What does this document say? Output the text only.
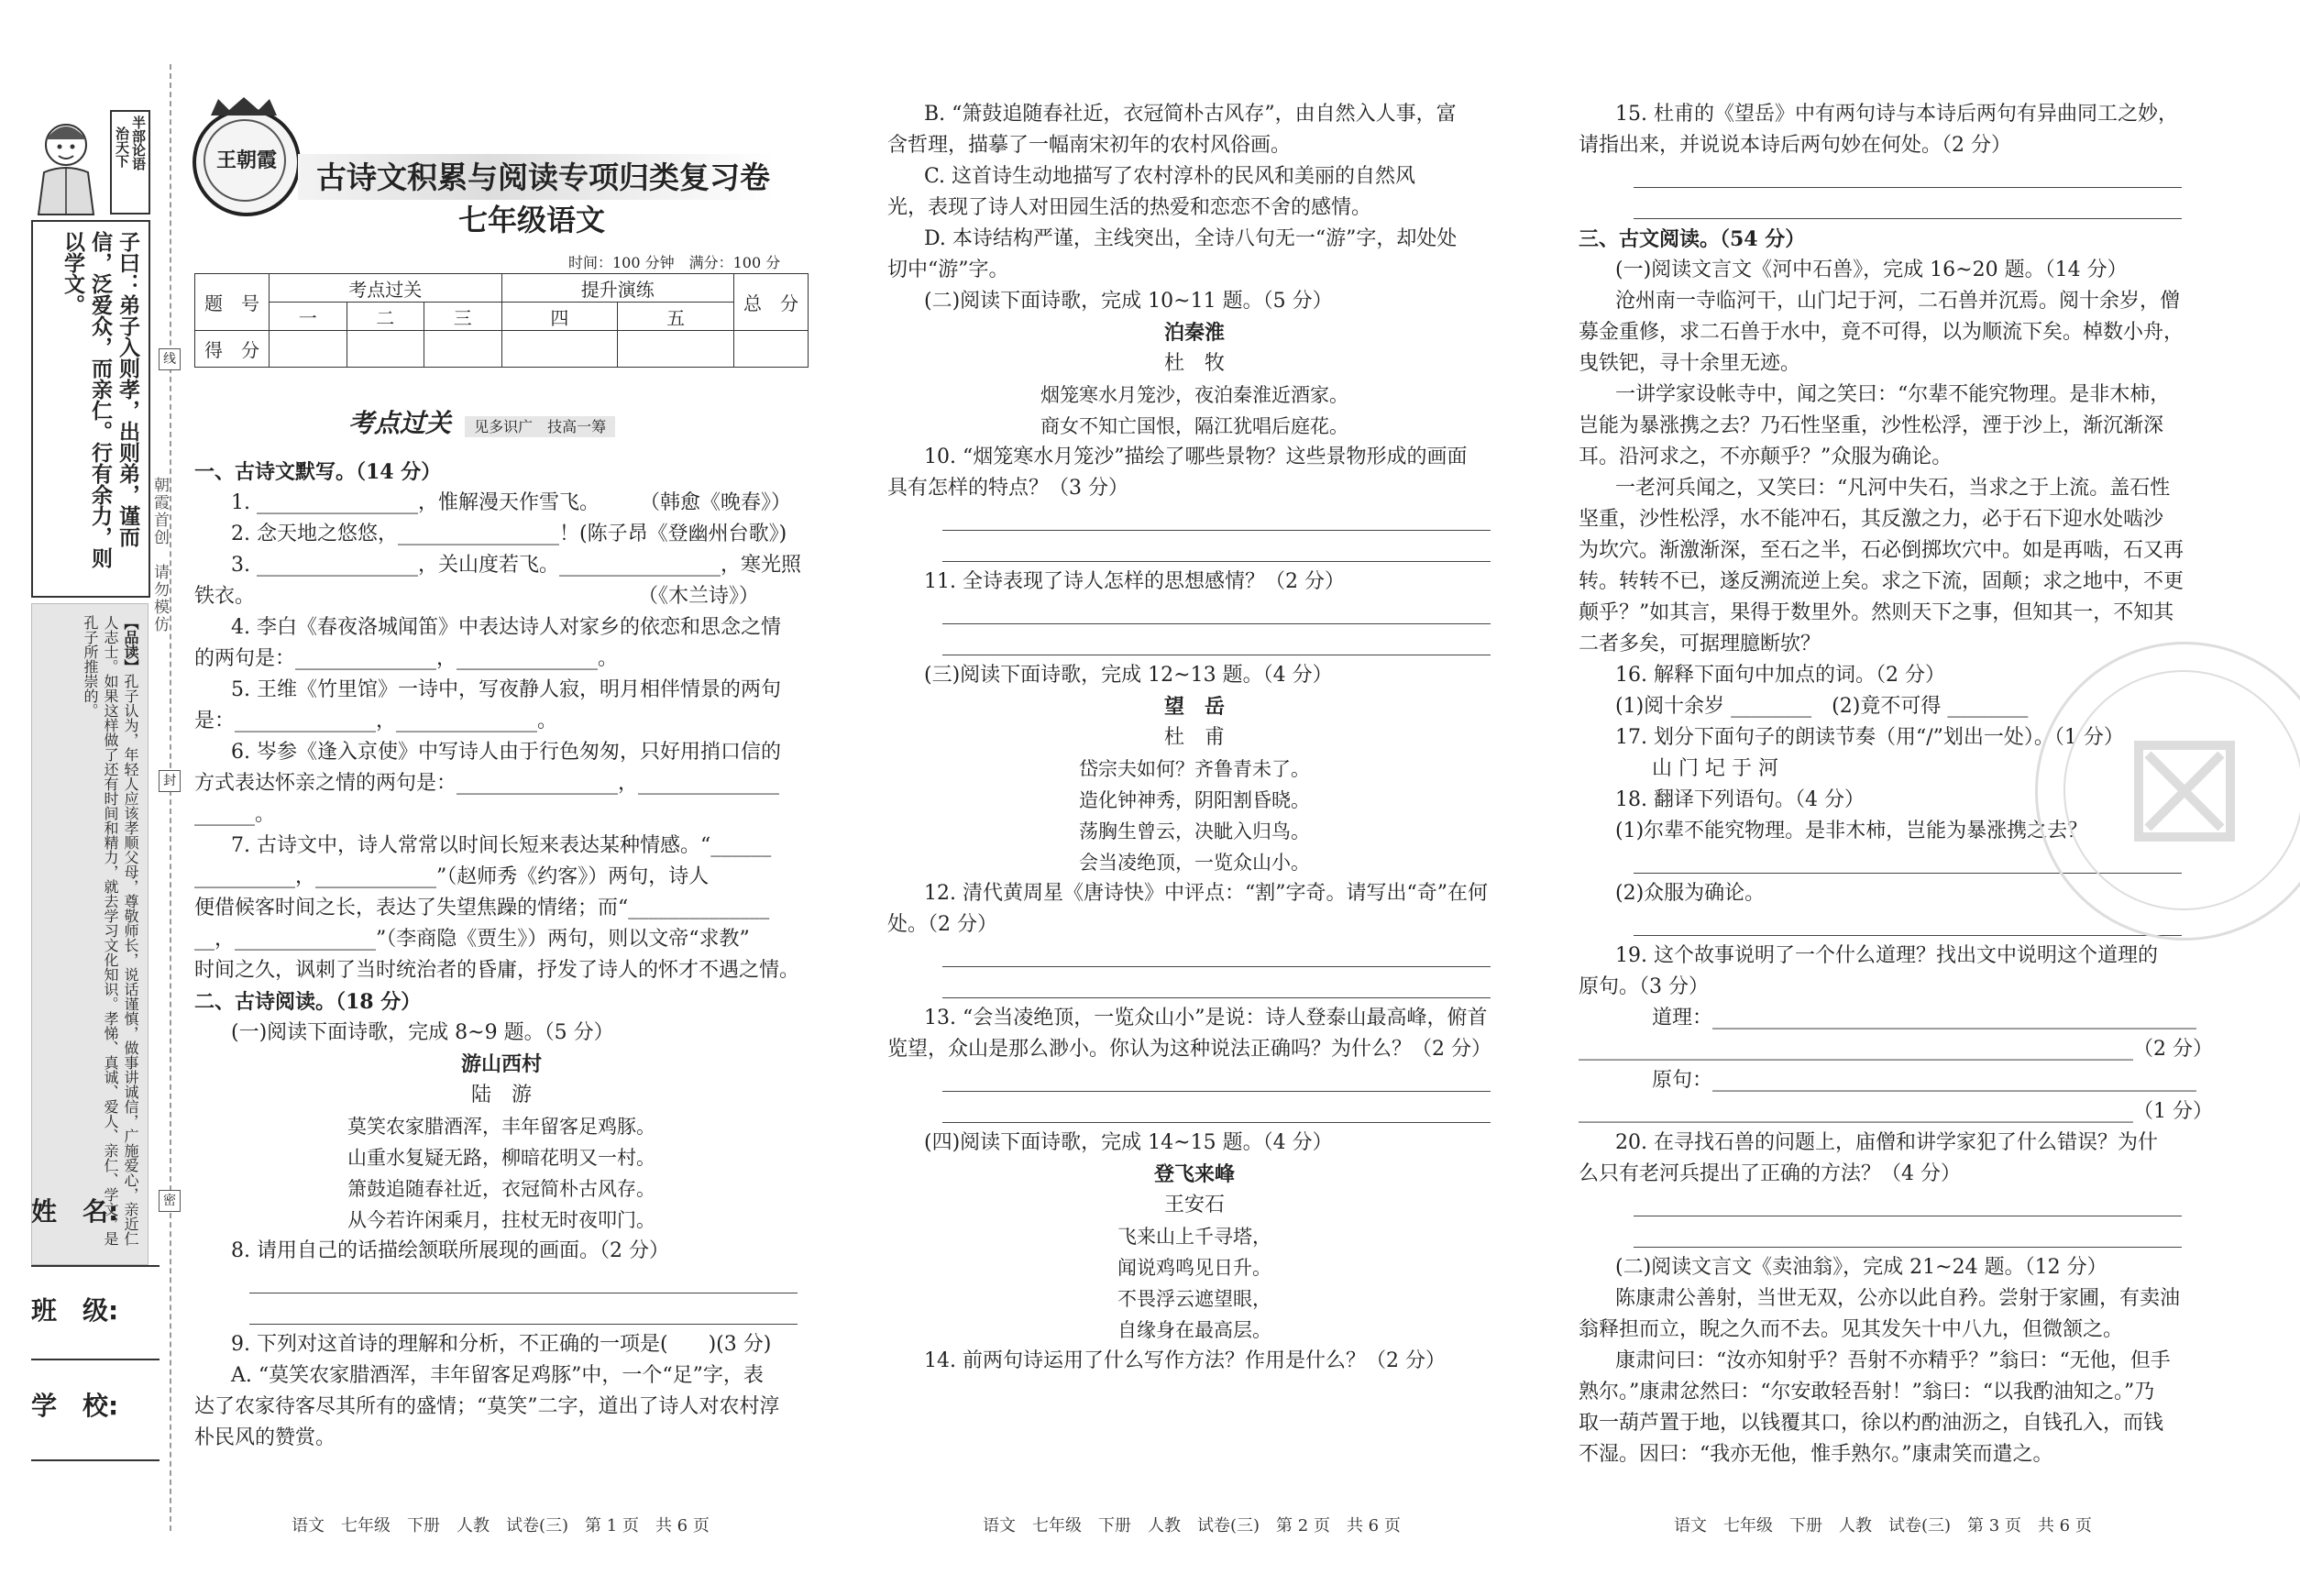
半部论语
治天下
子曰：弟子入则孝，出则弟，谨而信，泛爱众，而亲仁。行有余力，则以学文。
【品读】孔子认为，年轻人应该孝顺父母，尊敬师长，说话谨慎，做事讲诚信，广施爱心，亲近仁人志士。如果这样做了还有时间和精力，就去学习文化知识。孝悌、真诚、爱人、亲仁、学文，是孔子所推崇的。
朝霞首创　请勿模仿
线
封
密
姓　名:
班　级:
学　校:
王朝霞	古诗文积累与阅读专项归类复习卷
七年级语文
时间：100 分钟　满分：100 分
题　号	考点过关			提升演练		总　分
	一	二	三	四	五	
得　分						
考点过关 见多识广　技高一筹
一、古诗文默写。（14 分）
1. ________________，惟解漫天作雪飞。　　　（韩愈《晚春》）
2. 念天地之悠悠，________________！(陈子昂《登幽州台歌》)
3. ________________，关山度若飞。________________，寒光照
铁衣。　　　　　　　　　　　　　　　　　　　　（《木兰诗》）
4. 李白《春夜洛城闻笛》中表达诗人对家乡的依恋和思念之情
的两句是：______________，______________。
5. 王维《竹里馆》一诗中，写夜静人寂，明月相伴情景的两句
是：______________，______________。
6. 岑参《逢入京使》中写诗人由于行色匆匆，只好用捎口信的
方式表达怀亲之情的两句是：________________，______________
______。
7. 古诗文中，诗人常常以时间长短来表达某种情感。“______
__________，____________”（赵师秀《约客》）两句，诗人
便借候客时间之长，表达了失望焦躁的情绪；而“______________
__，______________”（李商隐《贾生》）两句，则以文帝“求教”
时间之久，讽刺了当时统治者的昏庸，抒发了诗人的怀才不遇之情。
二、古诗阅读。（18 分）
(一)阅读下面诗歌，完成 8~9 题。（5 分）
游山西村
陆　游
莫笑农家腊酒浑，丰年留客足鸡豚。
山重水复疑无路，柳暗花明又一村。
箫鼓追随春社近，衣冠简朴古风存。
从今若许闲乘月，拄杖无时夜叩门。
8. 请用自己的话描绘颔联所展现的画面。（2 分）
9. 下列对这首诗的理解和分析，不正确的一项是(　　)(3 分)
A. “莫笑农家腊酒浑，丰年留客足鸡豚”中，一个“足”字，表
达了农家待客尽其所有的盛情；“莫笑”二字，道出了诗人对农村淳
朴民风的赞赏。
B. “箫鼓追随春社近，衣冠简朴古风存”，由自然入人事，富
含哲理，描摹了一幅南宋初年的农村风俗画。
C. 这首诗生动地描写了农村淳朴的民风和美丽的自然风
光，表现了诗人对田园生活的热爱和恋恋不舍的感情。
D. 本诗结构严谨，主线突出，全诗八句无一“游”字，却处处
切中“游”字。
(二)阅读下面诗歌，完成 10~11 题。（5 分）
泊秦淮
杜　牧
烟笼寒水月笼沙，夜泊秦淮近酒家。
商女不知亡国恨，隔江犹唱后庭花。
10. “烟笼寒水月笼沙”描绘了哪些景物？这些景物形成的画面
具有怎样的特点？（3 分）
11. 全诗表现了诗人怎样的思想感情？（2 分）
(三)阅读下面诗歌，完成 12~13 题。（4 分）
望　岳
杜　甫
岱宗夫如何？齐鲁青未了。
造化钟神秀，阴阳割昏晓。
荡胸生曾云，决眦入归鸟。
会当凌绝顶，一览众山小。
12. 清代黄周星《唐诗快》中评点：“割”字奇。请写出“奇”在何
处。（2 分）
13. “会当凌绝顶，一览众山小”是说：诗人登泰山最高峰，俯首
览望，众山是那么渺小。你认为这种说法正确吗？为什么？（2 分）
(四)阅读下面诗歌，完成 14~15 题。（4 分）
登飞来峰
王安石
飞来山上千寻塔，
闻说鸡鸣见日升。
不畏浮云遮望眼，
自缘身在最高层。
14. 前两句诗运用了什么写作方法？作用是什么？（2 分）
15. 杜甫的《望岳》中有两句诗与本诗后两句有异曲同工之妙，
请指出来，并说说本诗后两句妙在何处。（2 分）
三、古文阅读。（54 分）
(一)阅读文言文《河中石兽》，完成 16~20 题。（14 分）
沧州南一寺临河干，山门圮于河，二石兽并沉焉。阅十余岁，僧
募金重修，求二石兽于水中，竟不可得，以为顺流下矣。棹数小舟，
曳铁钯，寻十余里无迹。
一讲学家设帐寺中，闻之笑曰：“尔辈不能究物理。是非木柿，
岂能为暴涨携之去？乃石性坚重，沙性松浮，湮于沙上，渐沉渐深
耳。沿河求之，不亦颠乎？”众服为确论。
一老河兵闻之，又笑曰：“凡河中失石，当求之于上流。盖石性
坚重，沙性松浮，水不能冲石，其反激之力，必于石下迎水处啮沙
为坎穴。渐激渐深，至石之半，石必倒掷坎穴中。如是再啮，石又再
转。转转不已，遂反溯流逆上矣。求之下流，固颠；求之地中，不更
颠乎？”如其言，果得于数里外。然则天下之事，但知其一，不知其
二者多矣，可据理臆断欤？
16. 解释下面句中加点的词。（2 分）
(1)阅十余岁 ________　(2)竟不可得 ________
17. 划分下面句子的朗读节奏（用“/”划出一处）。（1 分）
山 门 圮 于 河
18. 翻译下列语句。（4 分）
(1)尔辈不能究物理。是非木柿，岂能为暴涨携之去？
(2)众服为确论。
19. 这个故事说明了一个什么道理？找出文中说明这个道理的
原句。（3 分）
道理：________________________________________________
_______________________________________________________（2 分）
原句：________________________________________________
_______________________________________________________（1 分）
20. 在寻找石兽的问题上，庙僧和讲学家犯了什么错误？为什
么只有老河兵提出了正确的方法？（4 分）
(二)阅读文言文《卖油翁》，完成 21~24 题。（12 分）
陈康肃公善射，当世无双，公亦以此自矜。尝射于家圃，有卖油
翁释担而立，睨之久而不去。见其发矢十中八九，但微颔之。
康肃问曰：“汝亦知射乎？吾射不亦精乎？”翁曰：“无他，但手
熟尔。”康肃忿然曰：“尔安敢轻吾射！”翁曰：“以我酌油知之。”乃
取一葫芦置于地，以钱覆其口，徐以杓酌油沥之，自钱孔入，而钱
不湿。因曰：“我亦无他，惟手熟尔。”康肃笑而遣之。
语文　七年级　下册　人教　试卷(三)　第 1 页　共 6 页	语文　七年级　下册　人教　试卷(三)　第 2 页　共 6 页	语文　七年级　下册　人教　试卷(三)　第 3 页　共 6 页
